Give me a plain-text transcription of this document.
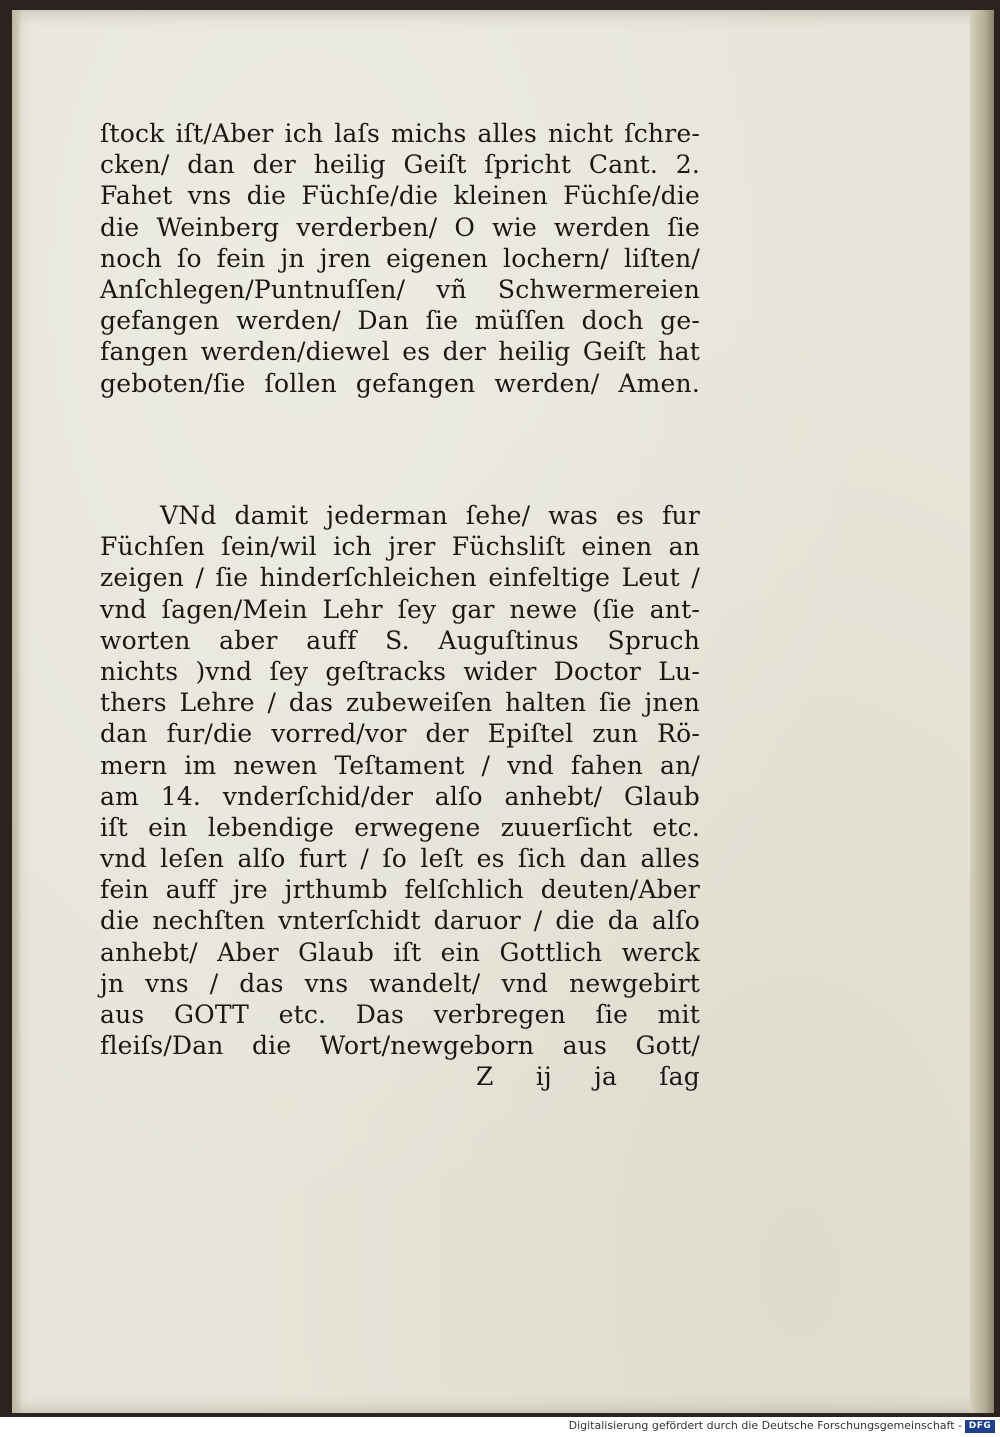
ſtock iſt/Aber ich laſs michs alles nicht ſchre-
cken/ dan der heilig Geiſt ſpricht Cant. 2.
Fahet vns die Füchſe/die kleinen Füchſe/die
die Weinberg verderben/ O wie werden ſie
noch ſo fein jn jren eigenen lochern/ liſten/
Anſchlegen/Puntnuſſen/ vñ Schwermereien
gefangen werden/ Dan ſie müſſen doch ge-
fangen werden/diewel es der heilig Geiſt hat
geboten/ſie ſollen gefangen werden/ Amen.
VNd damit jederman ſehe/ was es fur
Füchſen ſein/wil ich jrer Füchsliſt einen an
zeigen / ſie hinderſchleichen einfeltige Leut /
vnd ſagen/Mein Lehr ſey gar newe (ſie ant-
worten aber auff S. Auguſtinus Spruch
nichts )vnd ſey geſtracks wider Doctor Lu-
thers Lehre / das zubeweiſen halten ſie jnen
dan fur/die vorred/vor der Epiſtel zun Rö-
mern im newen Teſtament / vnd fahen an/
am 14. vnderſchid/der alſo anhebt/ Glaub
iſt ein lebendige erwegene zuuerſicht etc.
vnd leſen alſo furt / ſo leſt es ſich dan alles
fein auff jre jrthumb felſchlich deuten/Aber
die nechſten vnterſchidt daruor / die da alſo
anhebt/ Aber Glaub iſt ein Gottlich werck
jn vns / das vns wandelt/ vnd newgebirt
aus GOTT etc. Das verbregen ſie mit
fleiſs/Dan die Wort/newgeborn aus Gott/
Z ij ja ſag
Digitalisierung gefördert durch die Deutsche Forschungsgemeinschaft - DFG
